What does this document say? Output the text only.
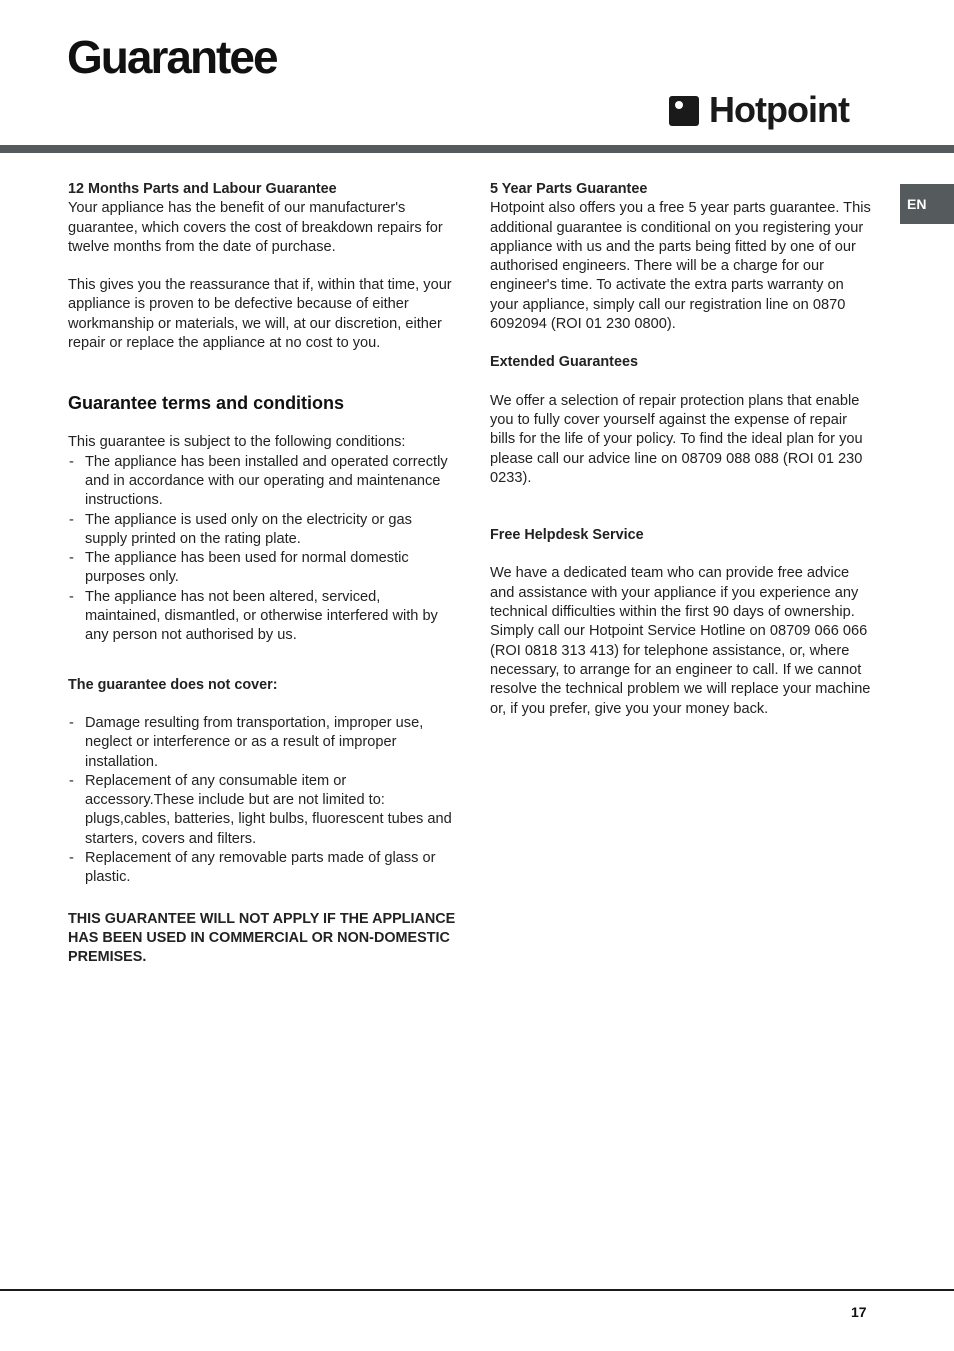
Guarantee
Hotpoint
EN
12 Months Parts and Labour Guarantee

Your appliance has the benefit of our manufacturer's guarantee, which covers the cost of breakdown repairs for twelve months from the date of purchase.

This gives you the reassurance that if, within that time, your appliance is proven to be defective because of either workmanship or materials, we will, at our discretion, either repair or replace the appliance at no cost to you.

Guarantee terms and conditions

This guarantee is subject to the following conditions:

- The appliance has been installed and operated correctly and in accordance with our operating and maintenance instructions.
- The appliance is used only on the electricity or gas supply printed on the rating plate.
- The appliance has been used for normal domestic purposes only.
- The appliance has not been altered, serviced, maintained, dismantled, or otherwise interfered with by any person not authorised by us.
The guarantee does not cover:
- Damage resulting from transportation, improper use, neglect or interference or as a result of improper installation.
- Replacement of any consumable item or accessory.These include but are not limited to: plugs,cables, batteries, light bulbs, fluorescent tubes and starters, covers and filters.
- Replacement of any removable parts made of glass or plastic.

THIS GUARANTEE WILL NOT APPLY IF THE APPLIANCE HAS BEEN USED IN COMMERCIAL OR NON-DOMESTIC PREMISES.

5 Year Parts Guarantee

Hotpoint also offers you a free 5 year parts guarantee. This additional guarantee is conditional on you registering your appliance with us and the parts being fitted by one of our authorised engineers. There will be a charge for our engineer's time. To activate the extra parts warranty on your appliance, simply call our registration line on 0870 6092094 (ROI 01 230 0800).

Extended Guarantees

We offer a selection of repair protection plans that enable you to fully cover yourself against the expense of repair bills for the life of your policy. To find the ideal plan for you please call our advice line on 08709 088 088 (ROI 01 230 0233).

Free Helpdesk Service

We have a dedicated team who can provide free advice and assistance with your appliance if you experience any technical difficulties within the first 90 days of ownership. Simply call our Hotpoint Service Hotline on 08709 066 066 (ROI 0818 313 413) for telephone assistance, or, where necessary, to arrange for an engineer to call. If we cannot resolve the technical problem we will replace your machine or, if you prefer, give you your money back.

17
